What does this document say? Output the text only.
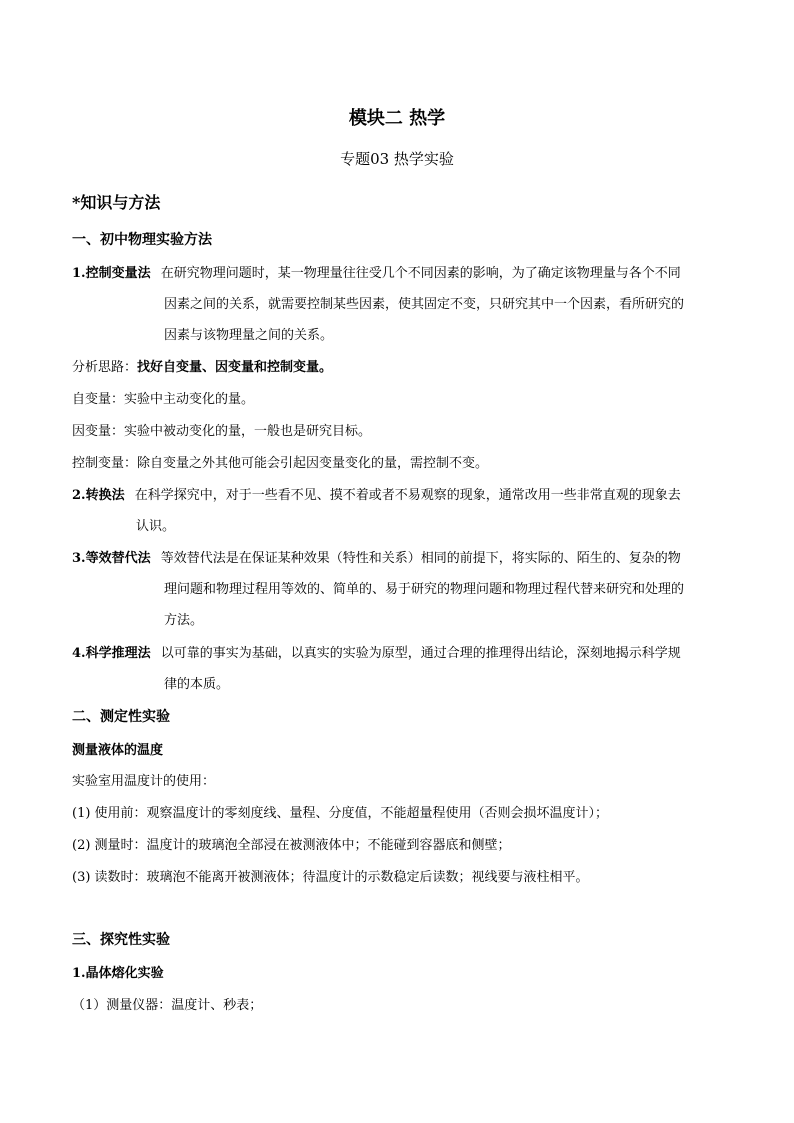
模块二 热学
专题03 热学实验
*知识与方法
一、初中物理实验方法
1.控制变量法 在研究物理问题时，某一物理量往往受几个不同因素的影响，为了确定该物理量与各个不同
因素之间的关系，就需要控制某些因素，使其固定不变，只研究其中一个因素，看所研究的
因素与该物理量之间的关系。
分析思路：找好自变量、因变量和控制变量。
自变量：实验中主动变化的量。
因变量：实验中被动变化的量，一般也是研究目标。
控制变量：除自变量之外其他可能会引起因变量变化的量，需控制不变。
2.转换法 在科学探究中，对于一些看不见、摸不着或者不易观察的现象，通常改用一些非常直观的现象去
认识。
3.等效替代法 等效替代法是在保证某种效果（特性和关系）相同的前提下，将实际的、陌生的、复杂的物
理问题和物理过程用等效的、简单的、易于研究的物理问题和物理过程代替来研究和处理的
方法。
4.科学推理法 以可靠的事实为基础，以真实的实验为原型，通过合理的推理得出结论，深刻地揭示科学规
律的本质。
二、测定性实验
测量液体的温度
实验室用温度计的使用：
(1) 使用前：观察温度计的零刻度线、量程、分度值，不能超量程使用（否则会损坏温度计）；
(2) 测量时：温度计的玻璃泡全部浸在被测液体中；不能碰到容器底和侧壁；
(3) 读数时：玻璃泡不能离开被测液体；待温度计的示数稳定后读数；视线要与液柱相平。
三、探究性实验
1.晶体熔化实验
（1）测量仪器：温度计、秒表；
